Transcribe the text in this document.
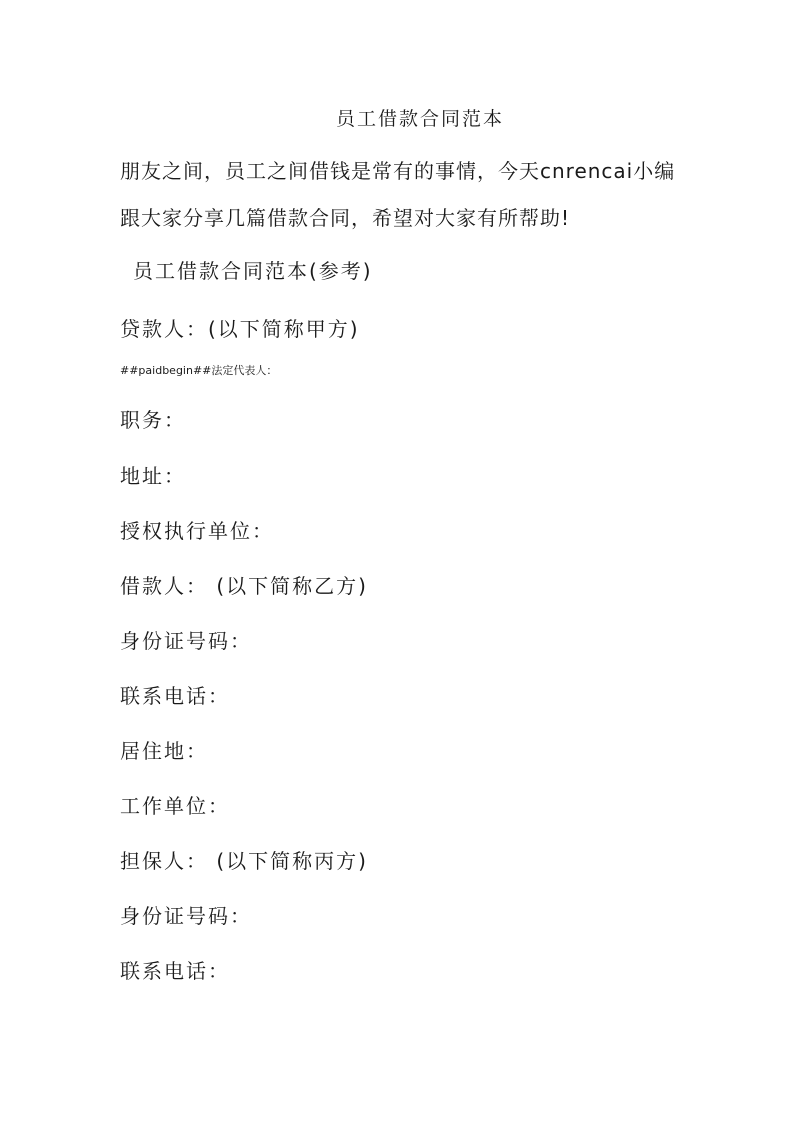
员工借款合同范本

朋友之间，员工之间借钱是常有的事情，今天cnrencai小编跟大家分享几篇借款合同，希望对大家有所帮助!

员工借款合同范本(参考)
贷款人：(以下简称甲方)
##paidbegin##法定代表人：
职务：
地址：
授权执行单位：
借款人： (以下简称乙方)
身份证号码：
联系电话：
居住地：
工作单位：
担保人： (以下简称丙方)
身份证号码：
联系电话：
